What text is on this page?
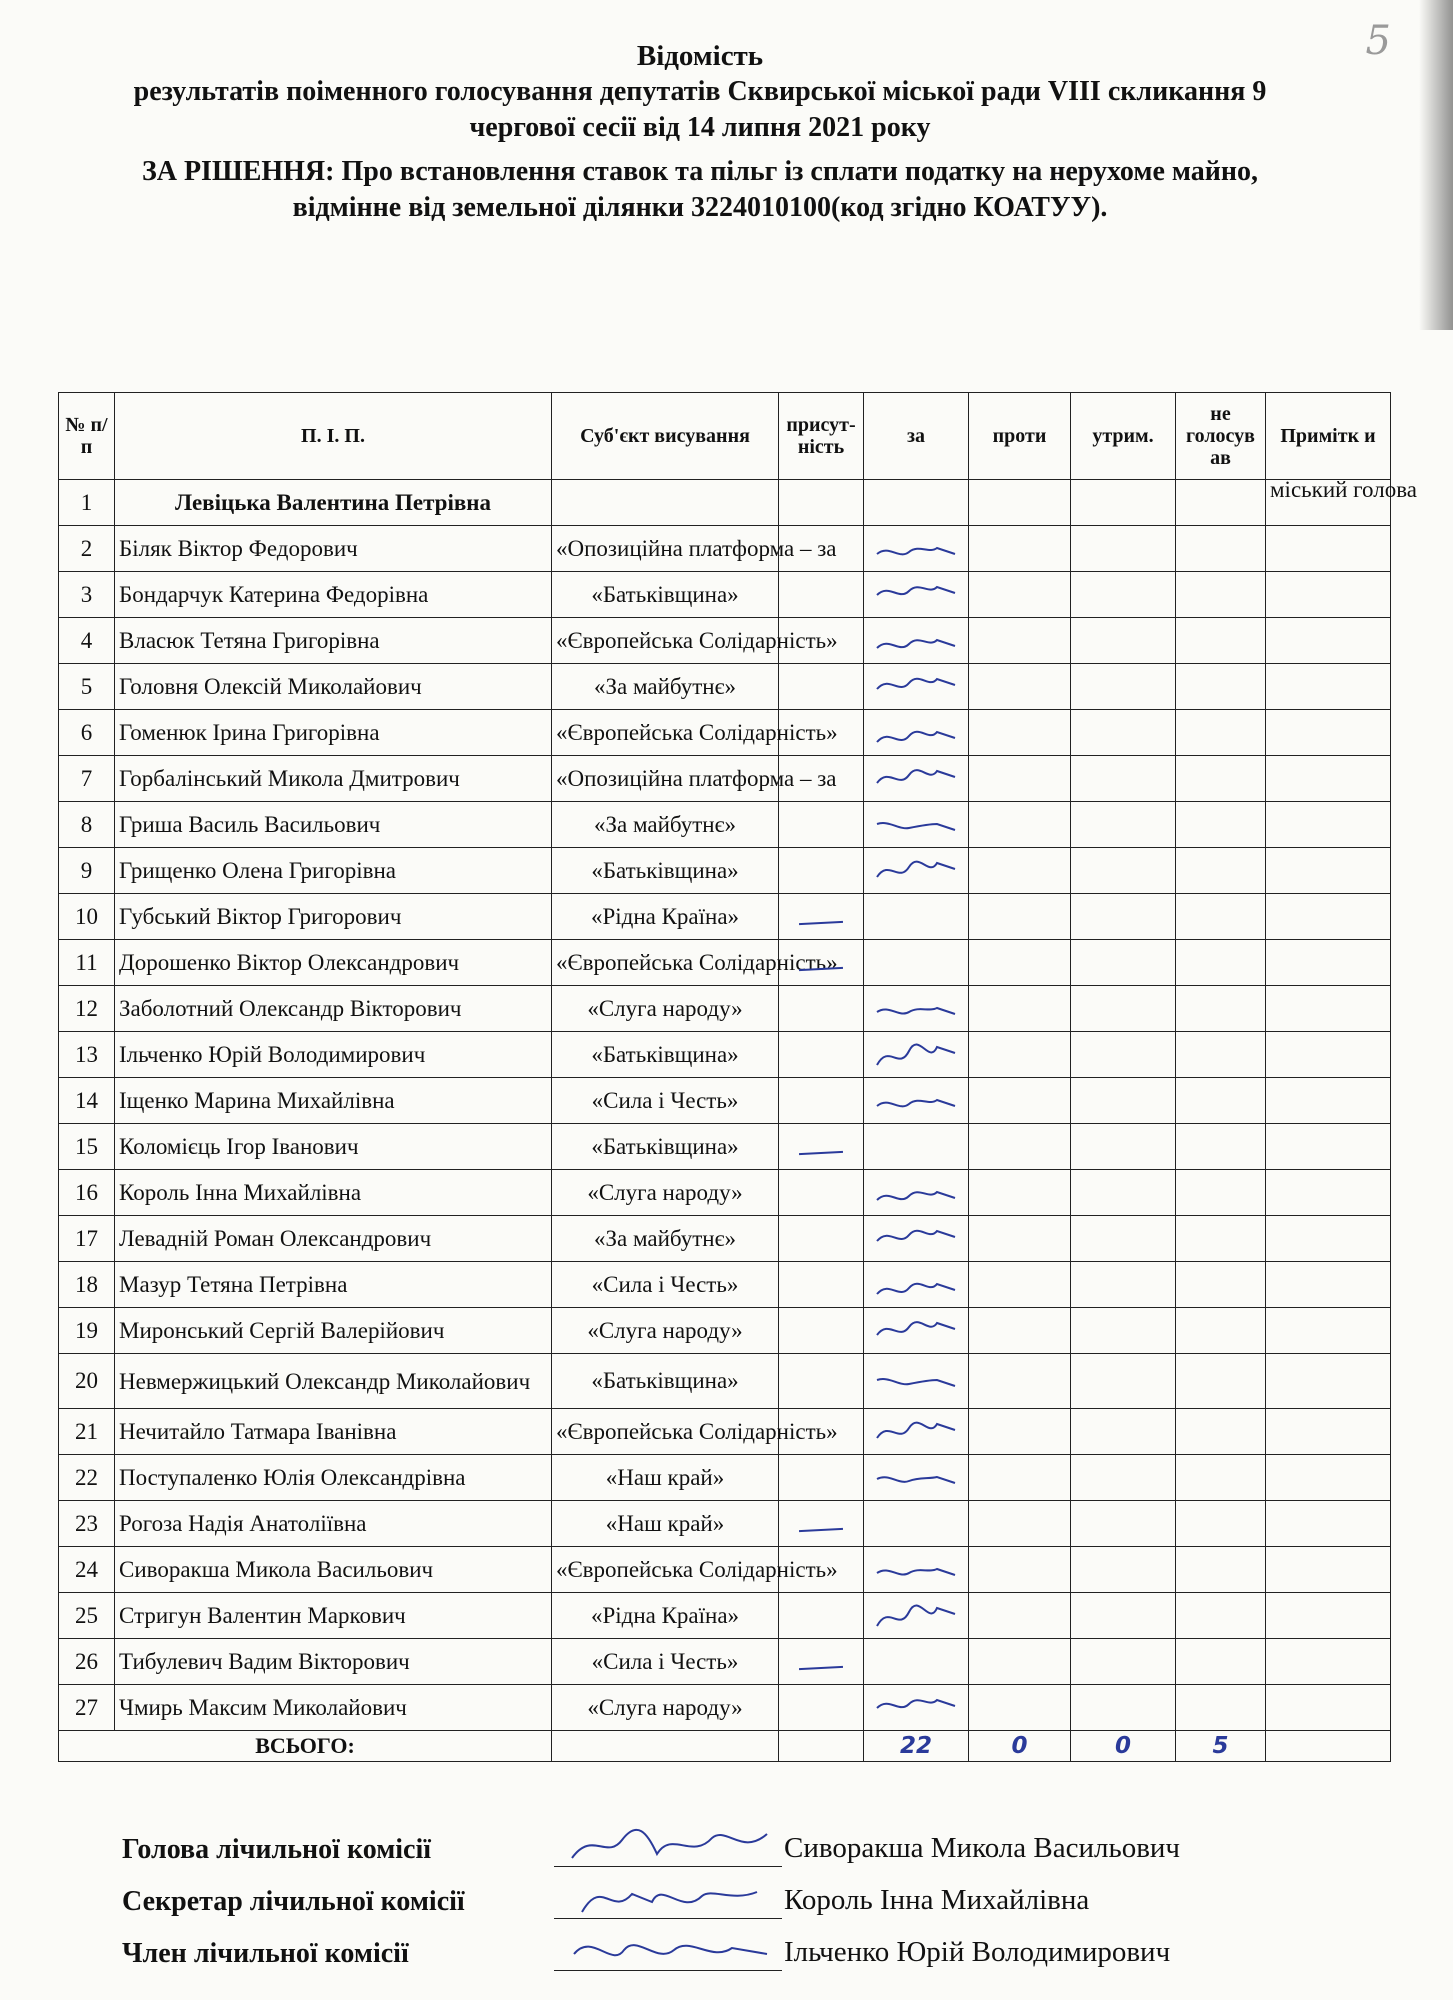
5
Відомість
результатів поіменного голосування депутатів Сквирської міської ради VIII скликання 9
чергової сесії від 14 липня 2021 року
ЗА РІШЕННЯ: Про встановлення ставок та пільг із сплати податку на нерухоме майно,
відмінне від земельної ділянки 3224010100(код згідно КОАТУУ).
№ п/п	П. І. П.	Суб'єкт висування	присут-ність	за	проти	утрим.	не голосув ав	Примітк и
1	Левіцька Валентина Петрівна							міський голова
2	Біляк Віктор Федорович	«Опозиційна платформа – за		

3	Бондарчук Катерина Федорівна	«Батьківщина»		

4	Власюк Тетяна Григорівна	«Європейська Солідарність»		

5	Головня Олексій Миколайович	«За майбутнє»		

6	Гоменюк Ірина Григорівна	«Європейська Солідарність»		

7	Горбалінський Микола Дмитрович	«Опозиційна платформа – за		

8	Гриша Василь Васильович	«За майбутнє»		

9	Грищенко Олена Григорівна	«Батьківщина»		

10	Губський Віктор Григорович	«Рідна Країна»						
11	Дорошенко Віктор Олександрович	«Європейська Солідарність»						
12	Заболотний Олександр Вікторович	«Слуга народу»		

13	Ільченко Юрій Володимирович	«Батьківщина»		

14	Іщенко Марина Михайлівна	«Сила і Честь»		

15	Коломієць Ігор Іванович	«Батьківщина»						
16	Король Інна Михайлівна	«Слуга народу»		

17	Левадній Роман Олександрович	«За майбутнє»		

18	Мазур Тетяна Петрівна	«Сила і Честь»		

19	Миронський Сергій Валерійович	«Слуга народу»		

20	Невмержицький Олександр Миколайович	«Батьківщина»		

21	Нечитайло Татмара Іванівна	«Європейська Солідарність»		

22	Поступаленко Юлія Олександрівна	«Наш край»		

23	Рогоза Надія Анатоліївна	«Наш край»						
24	Сиворакша Микола Васильович	«Європейська Солідарність»		

25	Стригун Валентин Маркович	«Рідна Країна»		

26	Тибулевич Вадим Вікторович	«Сила і Честь»						
27	Чмирь Максим Миколайович	«Слуга народу»		

ВСЬОГО:				22	0	0	5	
Голова лічильної комісії	Сиворакша Микола Васильович
Секретар лічильної комісії	Король Інна Михайлівна
Член лічильної комісії	Ільченко Юрій Володимирович
